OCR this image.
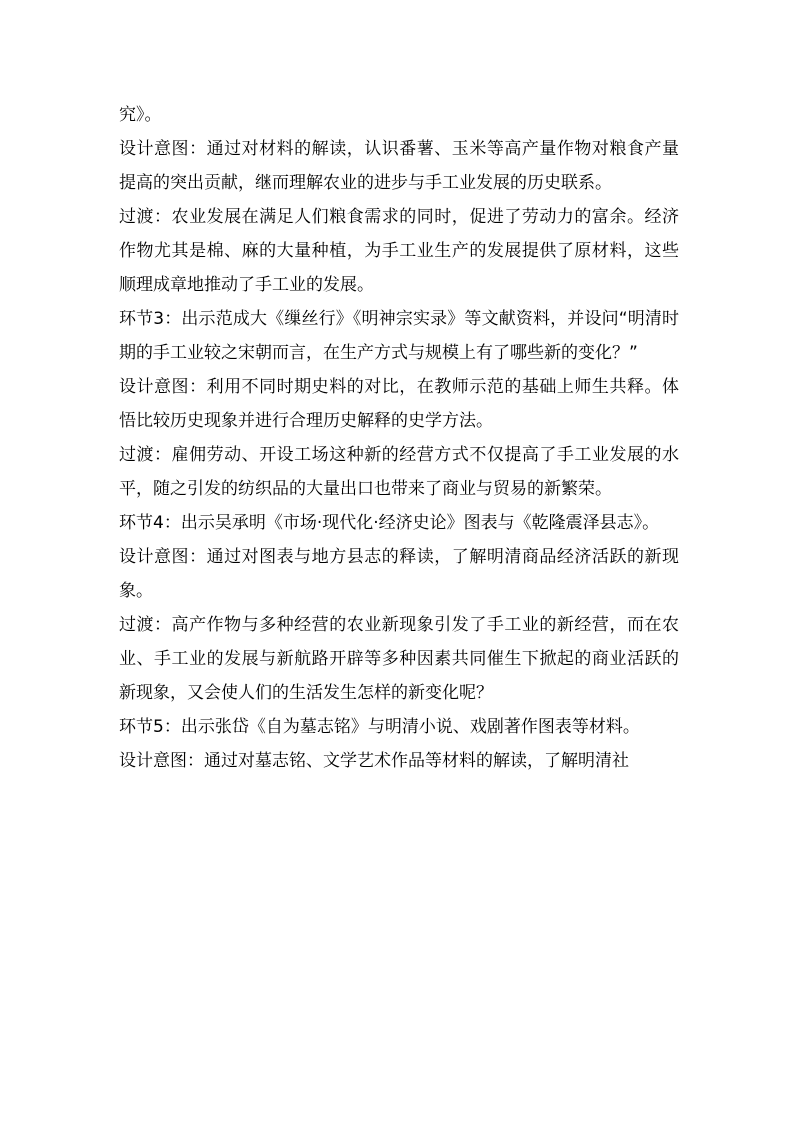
究》。

设计意图：通过对材料的解读，认识番薯、玉米等高产量作物对粮食产量提高的突出贡献，继而理解农业的进步与手工业发展的历史联系。

过渡：农业发展在满足人们粮食需求的同时，促进了劳动力的富余。经济作物尤其是棉、麻的大量种植，为手工业生产的发展提供了原材料，这些顺理成章地推动了手工业的发展。

环节3：出示范成大《缫丝行》《明神宗实录》等文献资料，并设问“明清时期的手工业较之宋朝而言，在生产方式与规模上有了哪些新的变化？”

设计意图：利用不同时期史料的对比，在教师示范的基础上师生共释。体悟比较历史现象并进行合理历史解释的史学方法。

过渡：雇佣劳动、开设工场这种新的经营方式不仅提高了手工业发展的水平，随之引发的纺织品的大量出口也带来了商业与贸易的新繁荣。

环节4：出示吴承明《市场·现代化·经济史论》图表与《乾隆震泽县志》。

设计意图：通过对图表与地方县志的释读，了解明清商品经济活跃的新现象。

过渡：高产作物与多种经营的农业新现象引发了手工业的新经营，而在农业、手工业的发展与新航路开辟等多种因素共同催生下掀起的商业活跃的新现象，又会使人们的生活发生怎样的新变化呢？

环节5：出示张岱《自为墓志铭》与明清小说、戏剧著作图表等材料。

设计意图：通过对墓志铭、文学艺术作品等材料的解读，了解明清社
